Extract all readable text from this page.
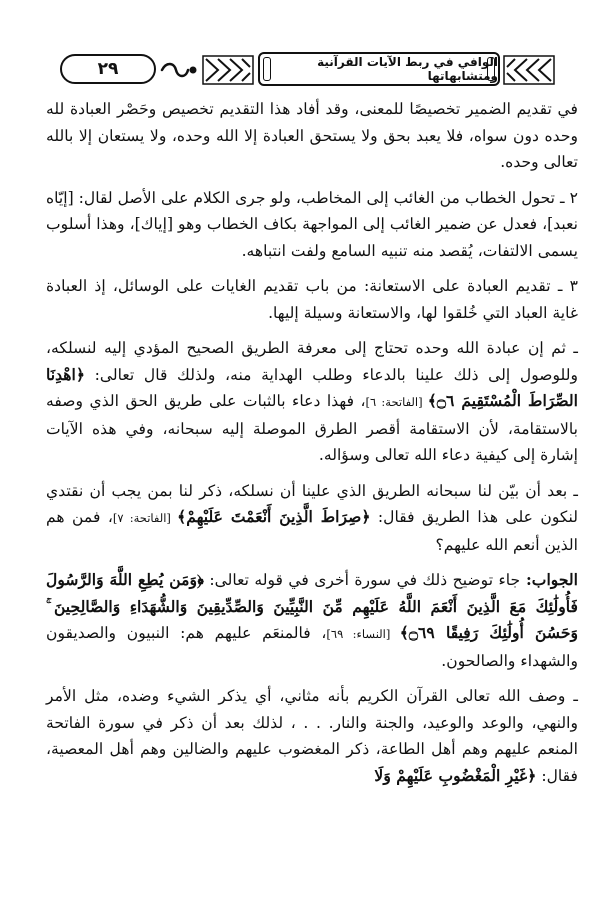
٢٩	الوافي في ربط الآيات القرآنية ومتشابهاتها

في تقديم الضمير تخصيصًا للمعنى، وقد أفاد هذا التقديم تخصيص وحَصْر العبادة لله وحده دون سواه، فلا يعبد بحق ولا يستحق العبادة إلا الله وحده، ولا يستعان إلا بالله تعالى وحده.

٢ ـ تحول الخطاب من الغائب إلى المخاطب، ولو جرى الكلام على الأصل لقال: [إيّاه نعبد]، فعدل عن ضمير الغائب إلى المواجهة بكاف الخطاب وهو [إياك]، وهذا أسلوب يسمى الالتفات، يُقصد منه تنبيه السامع ولفت انتباهه.

٣ ـ تقديم العبادة على الاستعانة: من باب تقديم الغايات على الوسائل، إذ العبادة غاية العباد التي خُلقوا لها، والاستعانة وسيلة إليها.

ـ ثم إن عبادة الله وحده تحتاج إلى معرفة الطريق الصحيح المؤدي إليه لنسلكه، وللوصول إلى ذلك علينا بالدعاء وطلب الهداية منه، ولذلك قال تعالى: ﴿اهْدِنَا الصِّرَاطَ الْمُسْتَقِيمَ ۝٦﴾ [الفاتحة: ٦]، فهذا دعاء بالثبات على طريق الحق الذي وصفه بالاستقامة، لأن الاستقامة أقصر الطرق الموصلة إليه سبحانه، وفي هذه الآيات إشارة إلى كيفية دعاء الله تعالى وسؤاله.

ـ بعد أن بيّن لنا سبحانه الطريق الذي علينا أن نسلكه، ذكر لنا بمن يجب أن نقتدي لنكون على هذا الطريق فقال: ﴿صِرَاطَ الَّذِينَ أَنْعَمْتَ عَلَيْهِمْ﴾ [الفاتحة: ٧]، فمن هم الذين أنعم الله عليهم؟

الجواب: جاء توضيح ذلك في سورة أخرى في قوله تعالى: ﴿وَمَن يُطِعِ اللَّهَ وَالرَّسُولَ فَأُولَٰئِكَ مَعَ الَّذِينَ أَنْعَمَ اللَّهُ عَلَيْهِم مِّنَ النَّبِيِّينَ وَالصِّدِّيقِينَ وَالشُّهَدَاءِ وَالصَّالِحِينَ ۚ وَحَسُنَ أُولَٰئِكَ رَفِيقًا ۝٦٩﴾ [النساء: ٦٩]، فالمنعَم عليهم هم: النبيون والصديقون والشهداء والصالحون.

ـ وصف الله تعالى القرآن الكريم بأنه مثاني، أي يذكر الشيء وضده، مثل الأمر والنهي، والوعد والوعيد، والجنة والنار. . . ، لذلك بعد أن ذكر في سورة الفاتحة المنعم عليهم وهم أهل الطاعة، ذكر المغضوب عليهم والضالين وهم أهل المعصية، فقال: ﴿غَيْرِ الْمَغْضُوبِ عَلَيْهِمْ وَلَا
